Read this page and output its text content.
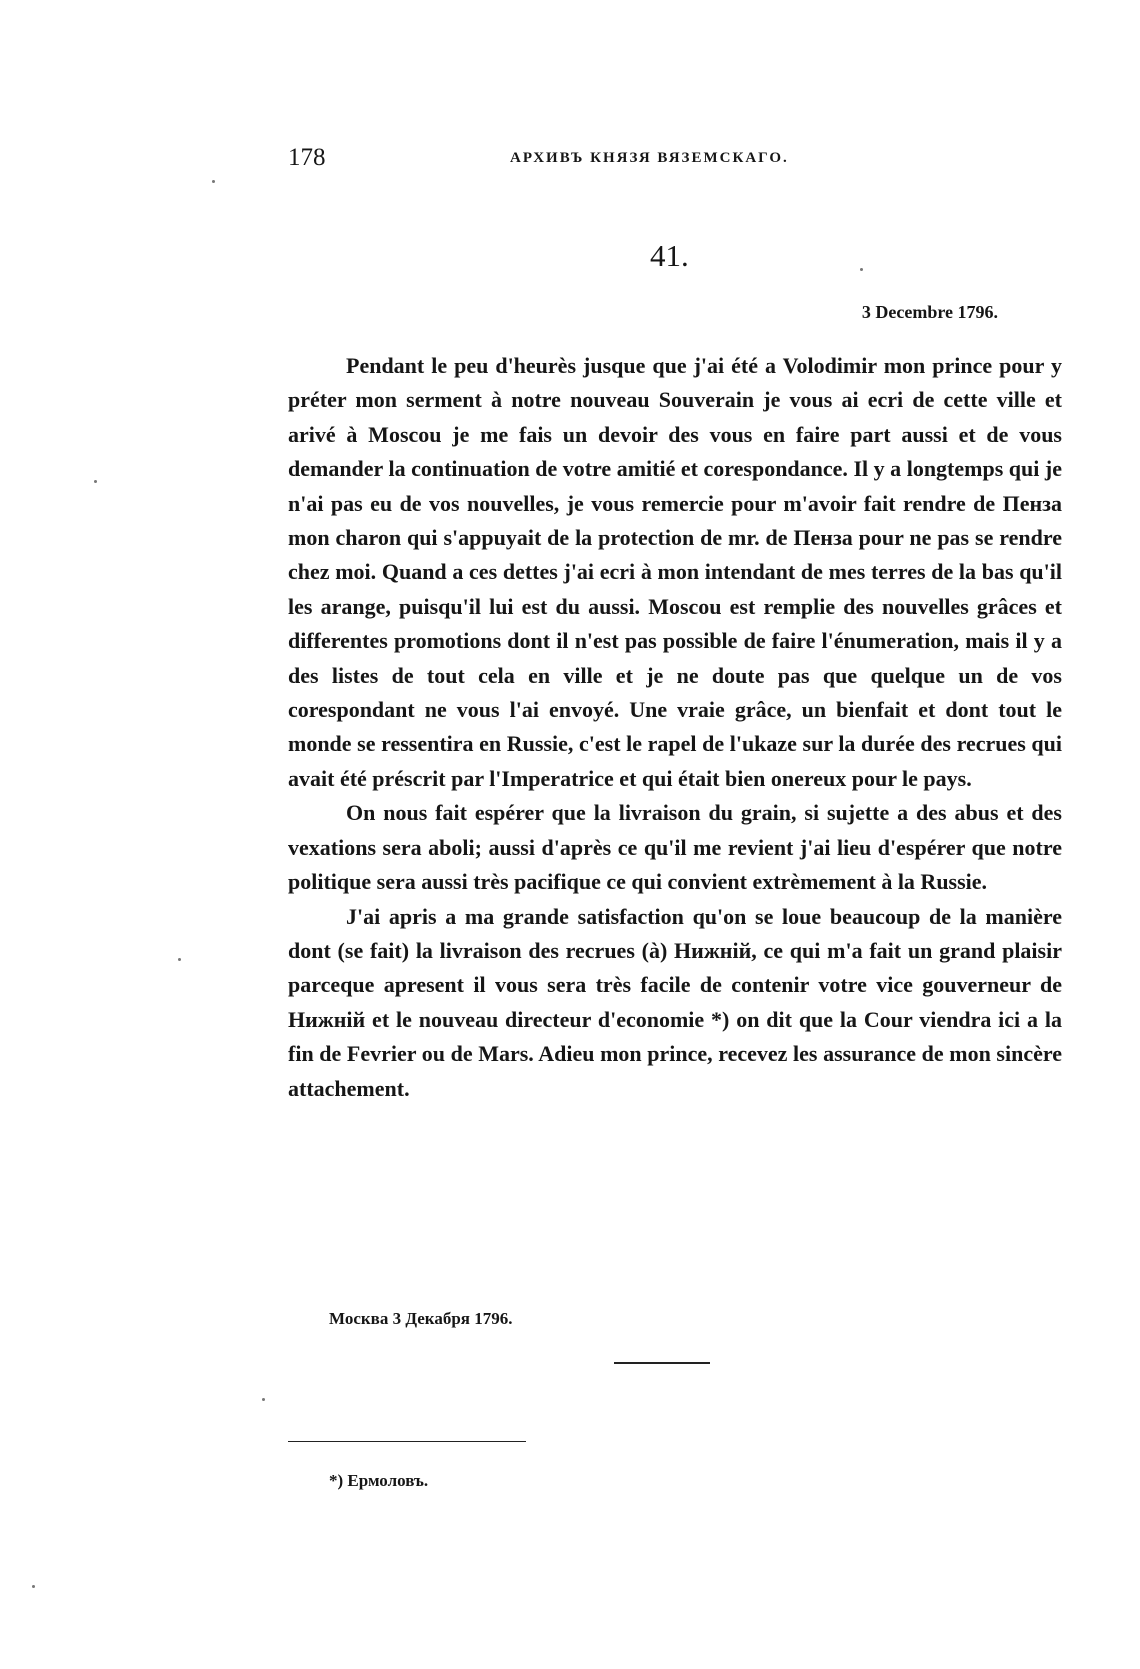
178	АРХИВЪ КНЯЗЯ ВЯЗЕМСКАГО.
41.
3 Decembre 1796.

Pendant le peu d'heurès jusque que j'ai été a Volodimir mon prince pour y préter mon serment à notre nouveau Souverain je vous ai ecri de cette ville et arivé à Moscou je me fais un devoir des vous en faire part aussi et de vous demander la continuation de votre amitié et corespondance. Il y a longtemps qui je n'ai pas eu de vos nouvelles, je vous remercie pour m'avoir fait rendre de Пенза mon charon qui s'appuyait de la protection de mr. de Пенза pour ne pas se rendre chez moi. Quand a ces dettes j'ai ecri à mon intendant de mes terres de la bas qu'il les arange, puisqu'il lui est du aussi. Moscou est remplie des nouvelles grâces et differentes promotions dont il n'est pas possible de faire l'énumeration, mais il y a des listes de tout cela en ville et je ne doute pas que quelque un de vos corespondant ne vous l'ai envoyé. Une vraie grâce, un bienfait et dont tout le monde se ressentira en Russie, c'est le rapel de l'ukaze sur la durée des recrues qui avait été préscrit par l'Imperatrice et qui était bien onereux pour le pays.

On nous fait espérer que la livraison du grain, si sujette a des abus et des vexations sera aboli; aussi d'après ce qu'il me revient j'ai lieu d'espérer que notre politique sera aussi très pacifique ce qui convient extrèmement à la Russie.

J'ai apris a ma grande satisfaction qu'on se loue beaucoup de la manière dont (se fait) la livraison des recrues (à) Нижній, ce qui m'a fait un grand plaisir parceque apresent il vous sera très facile de contenir votre vice gouverneur de Нижній et le nouveau directeur d'economie *) on dit que la Cour viendra ici a la fin de Fevrier ou de Mars. Adieu mon prince, recevez les assurance de mon sincère attachement.

Москва 3 Декабря 1796.
*) Ермоловъ.
